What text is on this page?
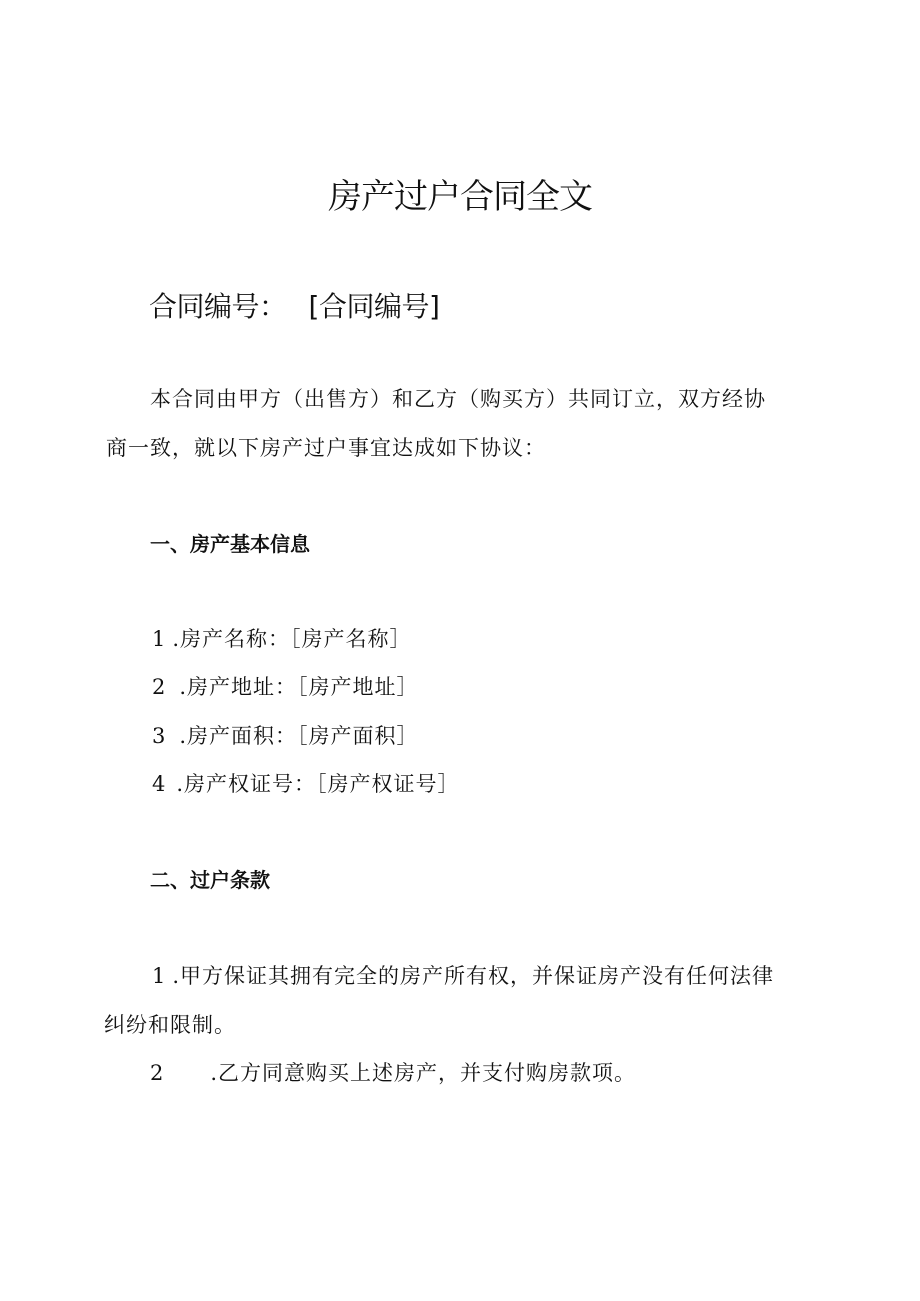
房产过户合同全文
合同编号： [合同编号]
本合同由甲方（出售方）和乙方（购买方）共同订立，双方经协
商一致，就以下房产过户事宜达成如下协议：
一、房产基本信息
1 .房产名称：［房产名称］
2 .房产地址：［房产地址］
3 .房产面积：［房产面积］
4 .房产权证号：［房产权证号］
二、过户条款
1 .甲方保证其拥有完全的房产所有权，并保证房产没有任何法律
纠纷和限制。
2 .乙方同意购买上述房产，并支付购房款项。
